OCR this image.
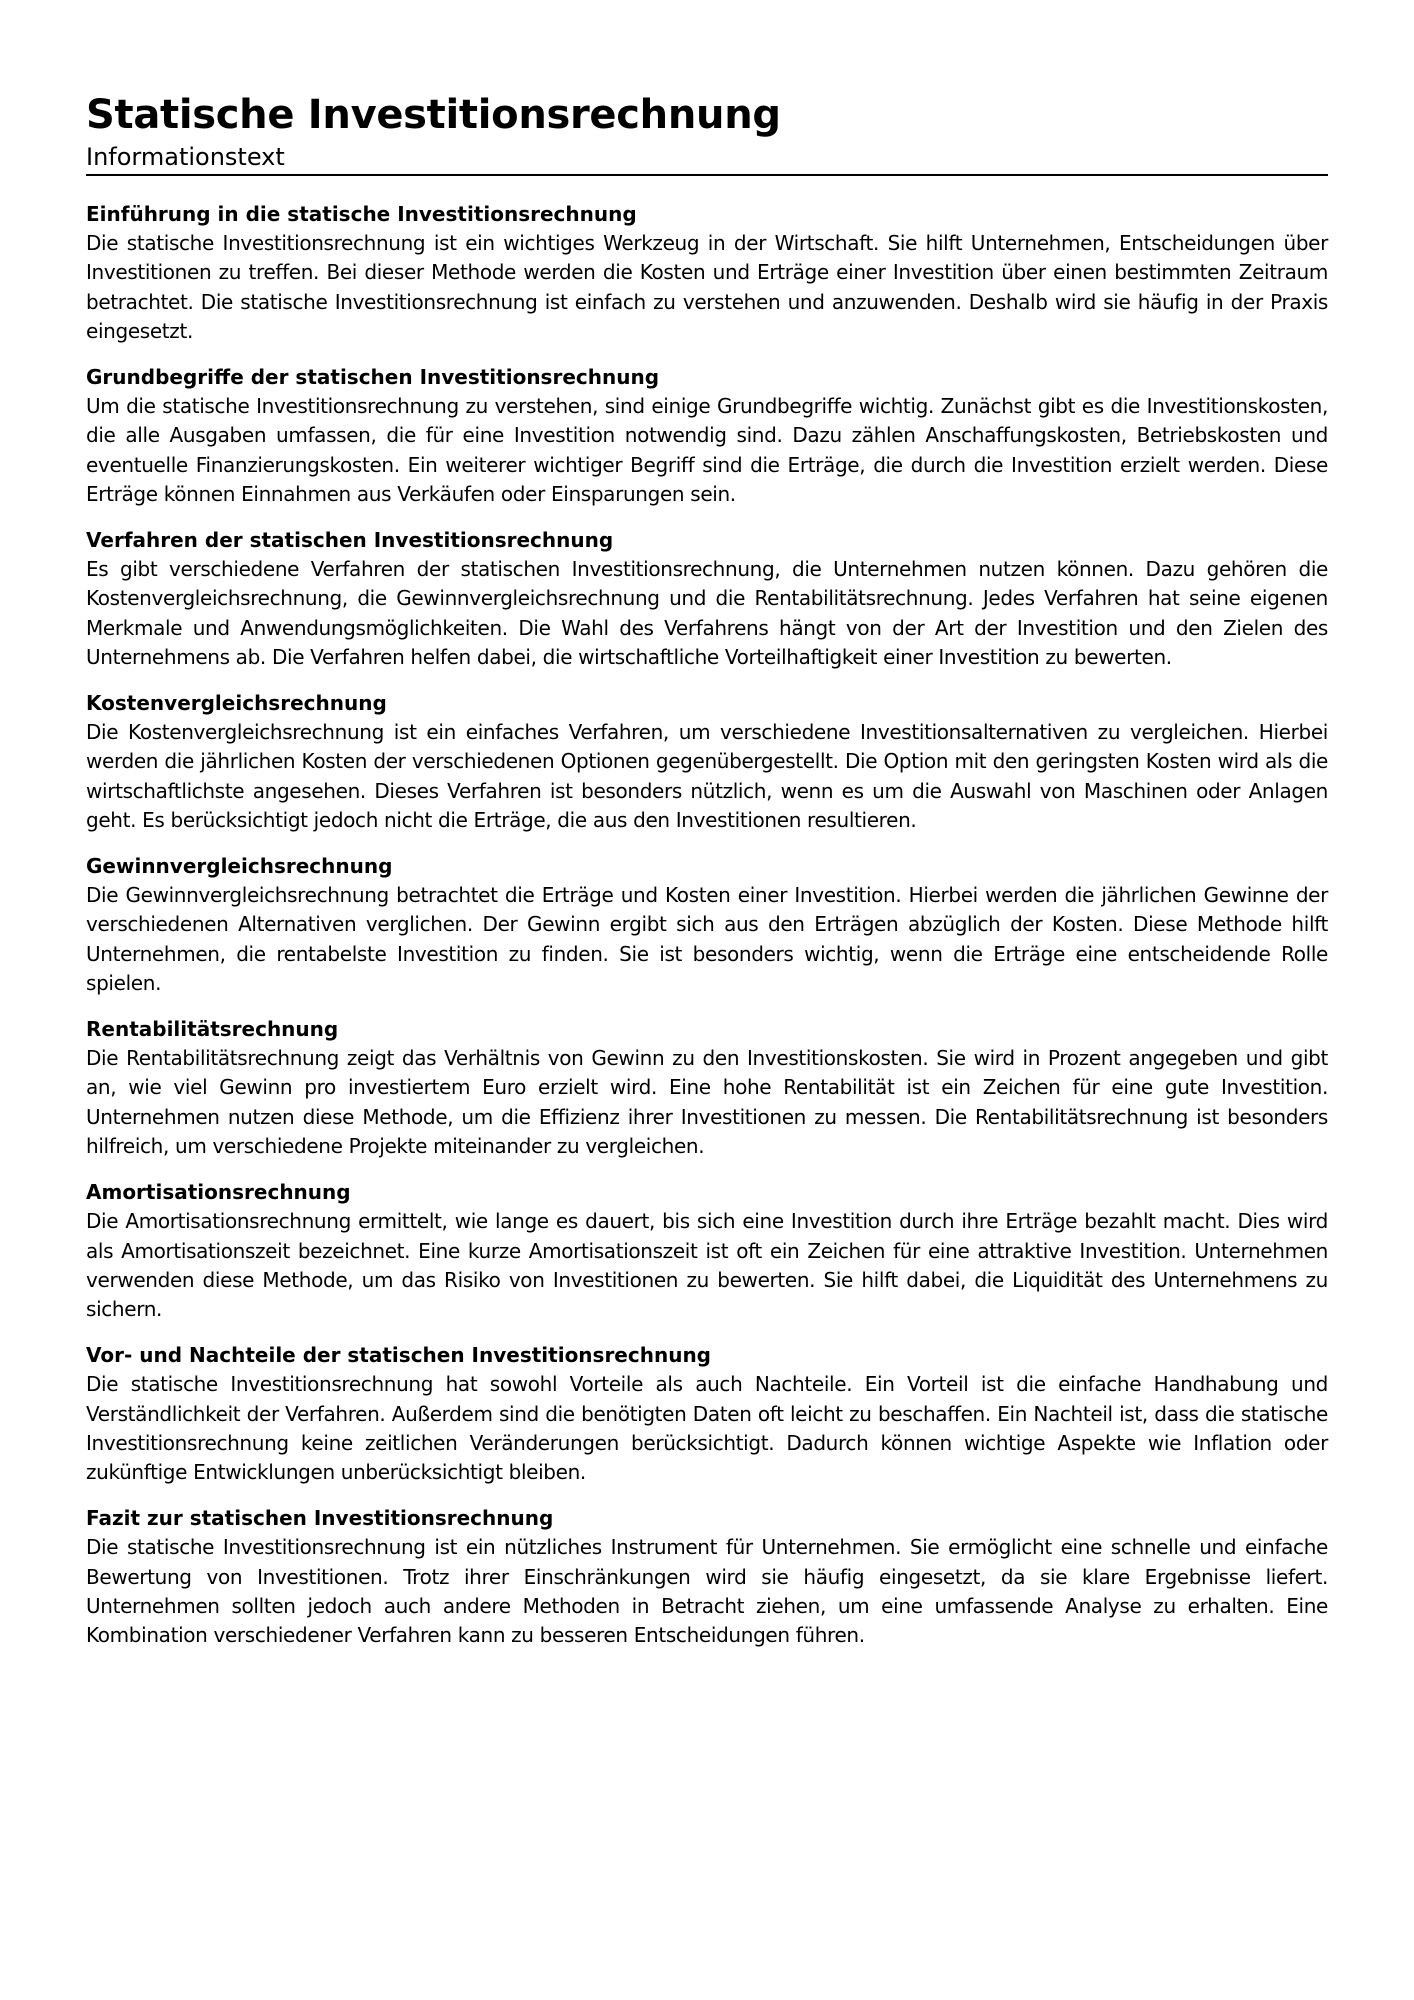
Statische Investitionsrechnung
Informationstext
Einführung in die statische Investitionsrechnung

Die statische Investitionsrechnung ist ein wichtiges Werkzeug in der Wirtschaft. Sie hilft Unternehmen, Entscheidungen über Investitionen zu treffen. Bei dieser Methode werden die Kosten und Erträge einer Investition über einen bestimmten Zeitraum betrachtet. Die statische Investitionsrechnung ist einfach zu verstehen und anzuwenden. Deshalb wird sie häufig in der Praxis eingesetzt.

Grundbegriffe der statischen Investitionsrechnung

Um die statische Investitionsrechnung zu verstehen, sind einige Grundbegriffe wichtig. Zunächst gibt es die Investitionskosten, die alle Ausgaben umfassen, die für eine Investition notwendig sind. Dazu zählen Anschaffungskosten, Betriebskosten und eventuelle Finanzierungskosten. Ein weiterer wichtiger Begriff sind die Erträge, die durch die Investition erzielt werden. Diese Erträge können Einnahmen aus Verkäufen oder Einsparungen sein.

Verfahren der statischen Investitionsrechnung

Es gibt verschiedene Verfahren der statischen Investitionsrechnung, die Unternehmen nutzen können. Dazu gehören die Kostenvergleichsrechnung, die Gewinnvergleichsrechnung und die Rentabilitätsrechnung. Jedes Verfahren hat seine eigenen Merkmale und Anwendungsmöglichkeiten. Die Wahl des Verfahrens hängt von der Art der Investition und den Zielen des Unternehmens ab. Die Verfahren helfen dabei, die wirtschaftliche Vorteilhaftigkeit einer Investition zu bewerten.

Kostenvergleichsrechnung

Die Kostenvergleichsrechnung ist ein einfaches Verfahren, um verschiedene Investitionsalternativen zu vergleichen. Hierbei werden die jährlichen Kosten der verschiedenen Optionen gegenübergestellt. Die Option mit den geringsten Kosten wird als die wirtschaftlichste angesehen. Dieses Verfahren ist besonders nützlich, wenn es um die Auswahl von Maschinen oder Anlagen geht. Es berücksichtigt jedoch nicht die Erträge, die aus den Investitionen resultieren.

Gewinnvergleichsrechnung

Die Gewinnvergleichsrechnung betrachtet die Erträge und Kosten einer Investition. Hierbei werden die jährlichen Gewinne der verschiedenen Alternativen verglichen. Der Gewinn ergibt sich aus den Erträgen abzüglich der Kosten. Diese Methode hilft Unternehmen, die rentabelste Investition zu finden. Sie ist besonders wichtig, wenn die Erträge eine entscheidende Rolle spielen.

Rentabilitätsrechnung

Die Rentabilitätsrechnung zeigt das Verhältnis von Gewinn zu den Investitionskosten. Sie wird in Prozent angegeben und gibt an, wie viel Gewinn pro investiertem Euro erzielt wird. Eine hohe Rentabilität ist ein Zeichen für eine gute Investition. Unternehmen nutzen diese Methode, um die Effizienz ihrer Investitionen zu messen. Die Rentabilitätsrechnung ist besonders hilfreich, um verschiedene Projekte miteinander zu vergleichen.

Amortisationsrechnung

Die Amortisationsrechnung ermittelt, wie lange es dauert, bis sich eine Investition durch ihre Erträge bezahlt macht. Dies wird als Amortisationszeit bezeichnet. Eine kurze Amortisationszeit ist oft ein Zeichen für eine attraktive Investition. Unternehmen verwenden diese Methode, um das Risiko von Investitionen zu bewerten. Sie hilft dabei, die Liquidität des Unternehmens zu sichern.

Vor- und Nachteile der statischen Investitionsrechnung

Die statische Investitionsrechnung hat sowohl Vorteile als auch Nachteile. Ein Vorteil ist die einfache Handhabung und Verständlichkeit der Verfahren. Außerdem sind die benötigten Daten oft leicht zu beschaffen. Ein Nachteil ist, dass die statische Investitionsrechnung keine zeitlichen Veränderungen berücksichtigt. Dadurch können wichtige Aspekte wie Inflation oder zukünftige Entwicklungen unberücksichtigt bleiben.

Fazit zur statischen Investitionsrechnung

Die statische Investitionsrechnung ist ein nützliches Instrument für Unternehmen. Sie ermöglicht eine schnelle und einfache Bewertung von Investitionen. Trotz ihrer Einschränkungen wird sie häufig eingesetzt, da sie klare Ergebnisse liefert. Unternehmen sollten jedoch auch andere Methoden in Betracht ziehen, um eine umfassende Analyse zu erhalten. Eine Kombination verschiedener Verfahren kann zu besseren Entscheidungen führen.
